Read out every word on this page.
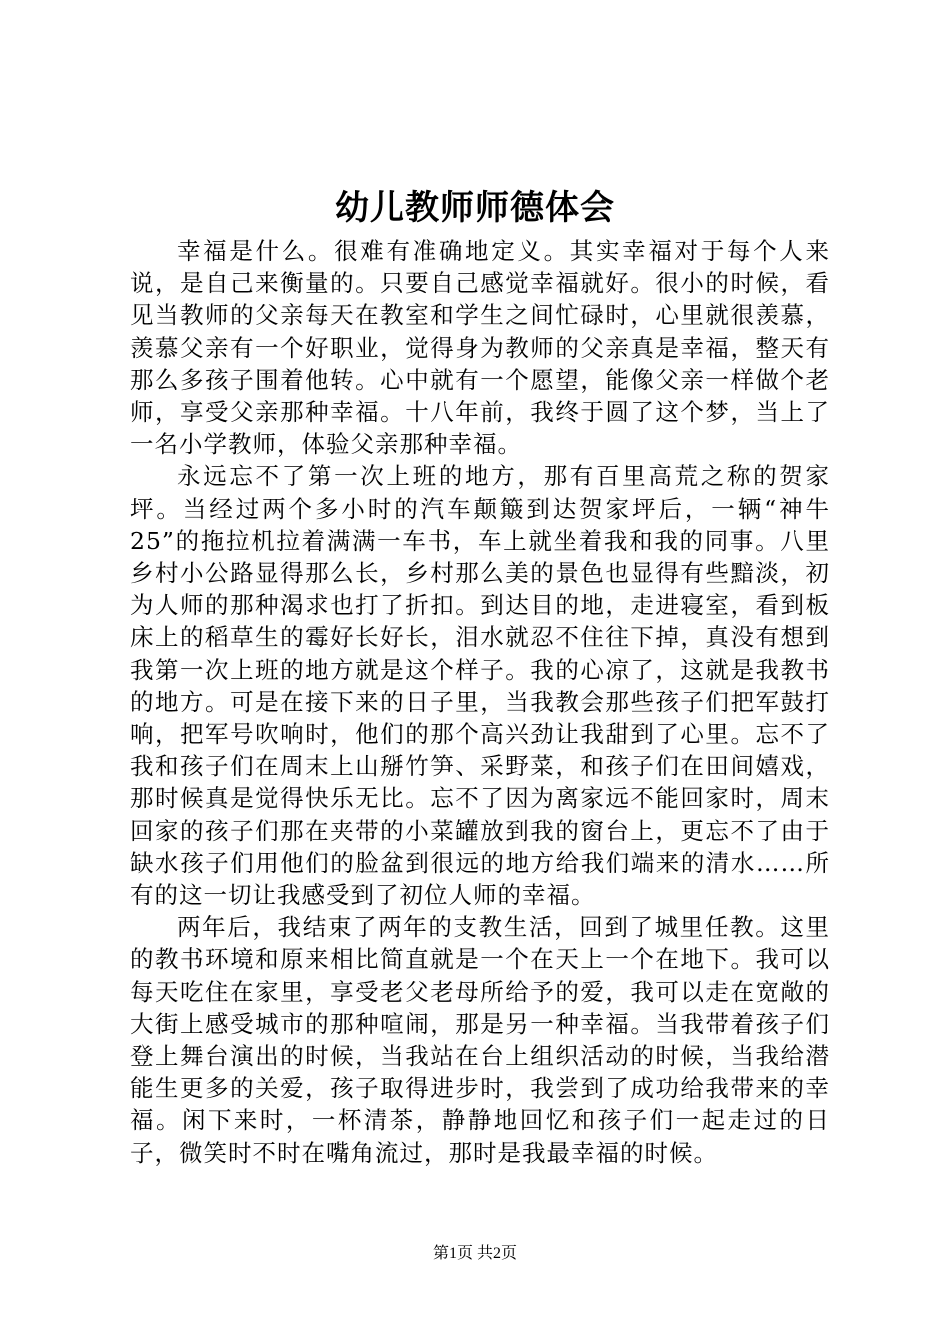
幼儿教师师德体会

幸福是什么。很难有准确地定义。其实幸福对于每个人来说，是自己来衡量的。只要自己感觉幸福就好。很小的时候，看见当教师的父亲每天在教室和学生之间忙碌时，心里就很羡慕，羡慕父亲有一个好职业，觉得身为教师的父亲真是幸福，整天有那么多孩子围着他转。心中就有一个愿望，能像父亲一样做个老师，享受父亲那种幸福。十八年前，我终于圆了这个梦，当上了一名小学教师，体验父亲那种幸福。

永远忘不了第一次上班的地方，那有百里高荒之称的贺家坪。当经过两个多小时的汽车颠簸到达贺家坪后，一辆“神牛25”的拖拉机拉着满满一车书，车上就坐着我和我的同事。八里乡村小公路显得那么长，乡村那么美的景色也显得有些黯淡，初为人师的那种渴求也打了折扣。到达目的地，走进寝室，看到板床上的稻草生的霉好长好长，泪水就忍不住往下掉，真没有想到我第一次上班的地方就是这个样子。我的心凉了，这就是我教书的地方。可是在接下来的日子里，当我教会那些孩子们把军鼓打响，把军号吹响时，他们的那个高兴劲让我甜到了心里。忘不了我和孩子们在周末上山掰竹笋、采野菜，和孩子们在田间嬉戏，那时候真是觉得快乐无比。忘不了因为离家远不能回家时，周末回家的孩子们那在夹带的小菜罐放到我的窗台上，更忘不了由于缺水孩子们用他们的脸盆到很远的地方给我们端来的清水……所有的这一切让我感受到了初位人师的幸福。

两年后，我结束了两年的支教生活，回到了城里任教。这里的教书环境和原来相比简直就是一个在天上一个在地下。我可以每天吃住在家里，享受老父老母所给予的爱，我可以走在宽敞的大街上感受城市的那种喧闹，那是另一种幸福。当我带着孩子们登上舞台演出的时候，当我站在台上组织活动的时候，当我给潜能生更多的关爱，孩子取得进步时，我尝到了成功给我带来的幸福。闲下来时，一杯清茶，静静地回忆和孩子们一起走过的日子，微笑时不时在嘴角流过，那时是我最幸福的时候。

第1页 共2页
